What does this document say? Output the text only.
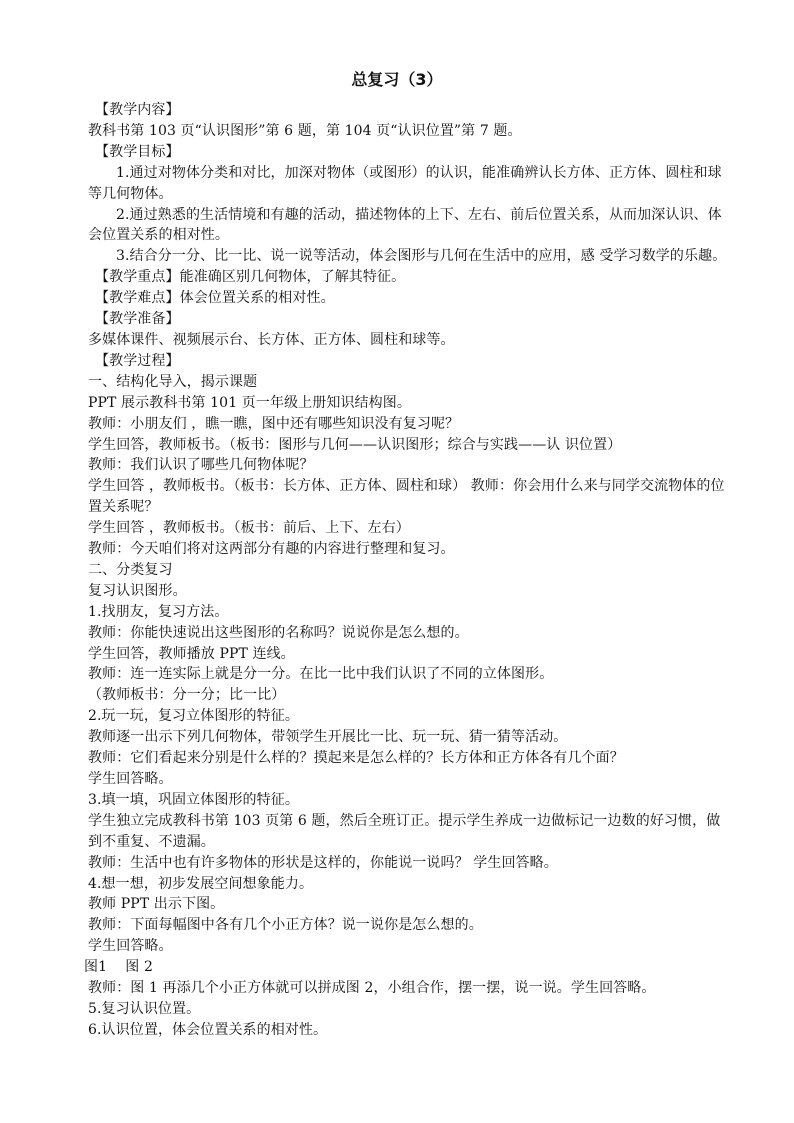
总复习（3）

【教学内容】

教科书第 103 页“认识图形”第 6 题，第 104 页“认识位置”第 7 题。

【教学目标】

1.通过对物体分类和对比，加深对物体（或图形）的认识，能准确辨认长方体、正方体、圆柱和球等几何物体。

2.通过熟悉的生活情境和有趣的活动，描述物体的上下、左右、前后位置关系，从而加深认识、体会位置关系的相对性。

3.结合分一分、比一比、说一说等活动，体会图形与几何在生活中的应用，感 受学习数学的乐趣。

【教学重点】能准确区别几何物体，了解其特征。

【教学难点】体会位置关系的相对性。

【教学准备】

多媒体课件、视频展示台、长方体、正方体、圆柱和球等。

【教学过程】

一、结构化导入，揭示课题

PPT 展示教科书第 101 页一年级上册知识结构图。

教师：小朋友们 ，瞧一瞧，图中还有哪些知识没有复习呢？

学生回答，教师板书。（板书：图形与几何——认识图形；综合与实践——认 识位置）

教师：我们认识了哪些几何物体呢？

学生回答 ，教师板书。（板书：长方体、正方体、圆柱和球） 教师：你会用什么来与同学交流物体的位置关系呢？

学生回答 ，教师板书。（板书：前后、上下、左右）

教师：今天咱们将对这两部分有趣的内容进行整理和复习。

二、分类复习

复习认识图形。

1.找朋友，复习方法。

教师：你能快速说出这些图形的名称吗？说说你是怎么想的。

学生回答，教师播放 PPT 连线。

教师：连一连实际上就是分一分。在比一比中我们认识了不同的立体图形。

（教师板书：分一分；比一比）

2.玩一玩，复习立体图形的特征。

教师逐一出示下列几何物体，带领学生开展比一比、玩一玩、猜一猜等活动。

教师：它们看起来分别是什么样的？摸起来是怎么样的？长方体和正方体各有几个面？

学生回答略。

3.填一填，巩固立体图形的特征。

学生独立完成教科书第 103 页第 6 题，然后全班订正。提示学生养成一边做标记一边数的好习惯，做到不重复、不遗漏。

教师：生活中也有许多物体的形状是这样的，你能说一说吗？ 学生回答略。

4.想一想，初步发展空间想象能力。

教师 PPT 出示下图。

教师：下面每幅图中各有几个小正方体？说一说你是怎么想的。

学生回答略。

图1    图 2

教师：图 1 再添几个小正方体就可以拼成图 2，小组合作，摆一摆，说一说。学生回答略。

5.复习认识位置。

6.认识位置，体会位置关系的相对性。
